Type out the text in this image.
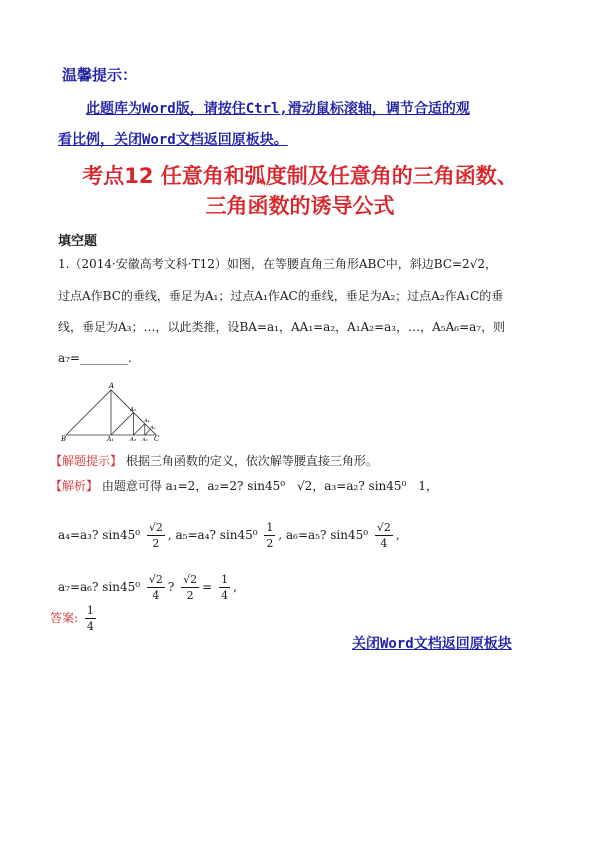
温馨提示：
此题库为Word版，请按住Ctrl,滑动鼠标滚轴，调节合适的观
看比例，关闭Word文档返回原板块。
考点12 任意角和弧度制及任意角的三角函数、
三角函数的诱导公式
填空题
1.（2014·安徽高考文科·T12）如图，在等腰直角三角形ABC中，斜边BC=2√2，
过点A作BC的垂线，垂足为A₁；过点A₁作AC的垂线，垂足为A₂；过点A₂作A₁C的垂
线，垂足为A₃；…，以此类推，设BA=a₁，AA₁=a₂，A₁A₂=a₃，…，A₅A₆=a₇，则
a₇=________.
A
B	A₁
A₂
A₃
A₄
A₅
A₆
C
【解题提示】 根据三角函数的定义，依次解等腰直接三角形。
【解析】 由题意可得 a₁=2，a₂=2? sin45⁰　√2，a₃=a₂? sin45⁰　1，
a₄=a₃? $\sin 45^0 \frac{√2}{2}$ , a₅=a₄? $\sin 45^0 \frac{1}{2}$ , a₆=a₅? $\sin 45^0 \frac{√2}{4}$ ,
a₇=a₆? $\sin 45^0 \frac{√2}{4}$ ? $\frac{√2}{2} = \frac{1}{4}$ ,
答案: $\frac{1}{4}$
关闭Word文档返回原板块
